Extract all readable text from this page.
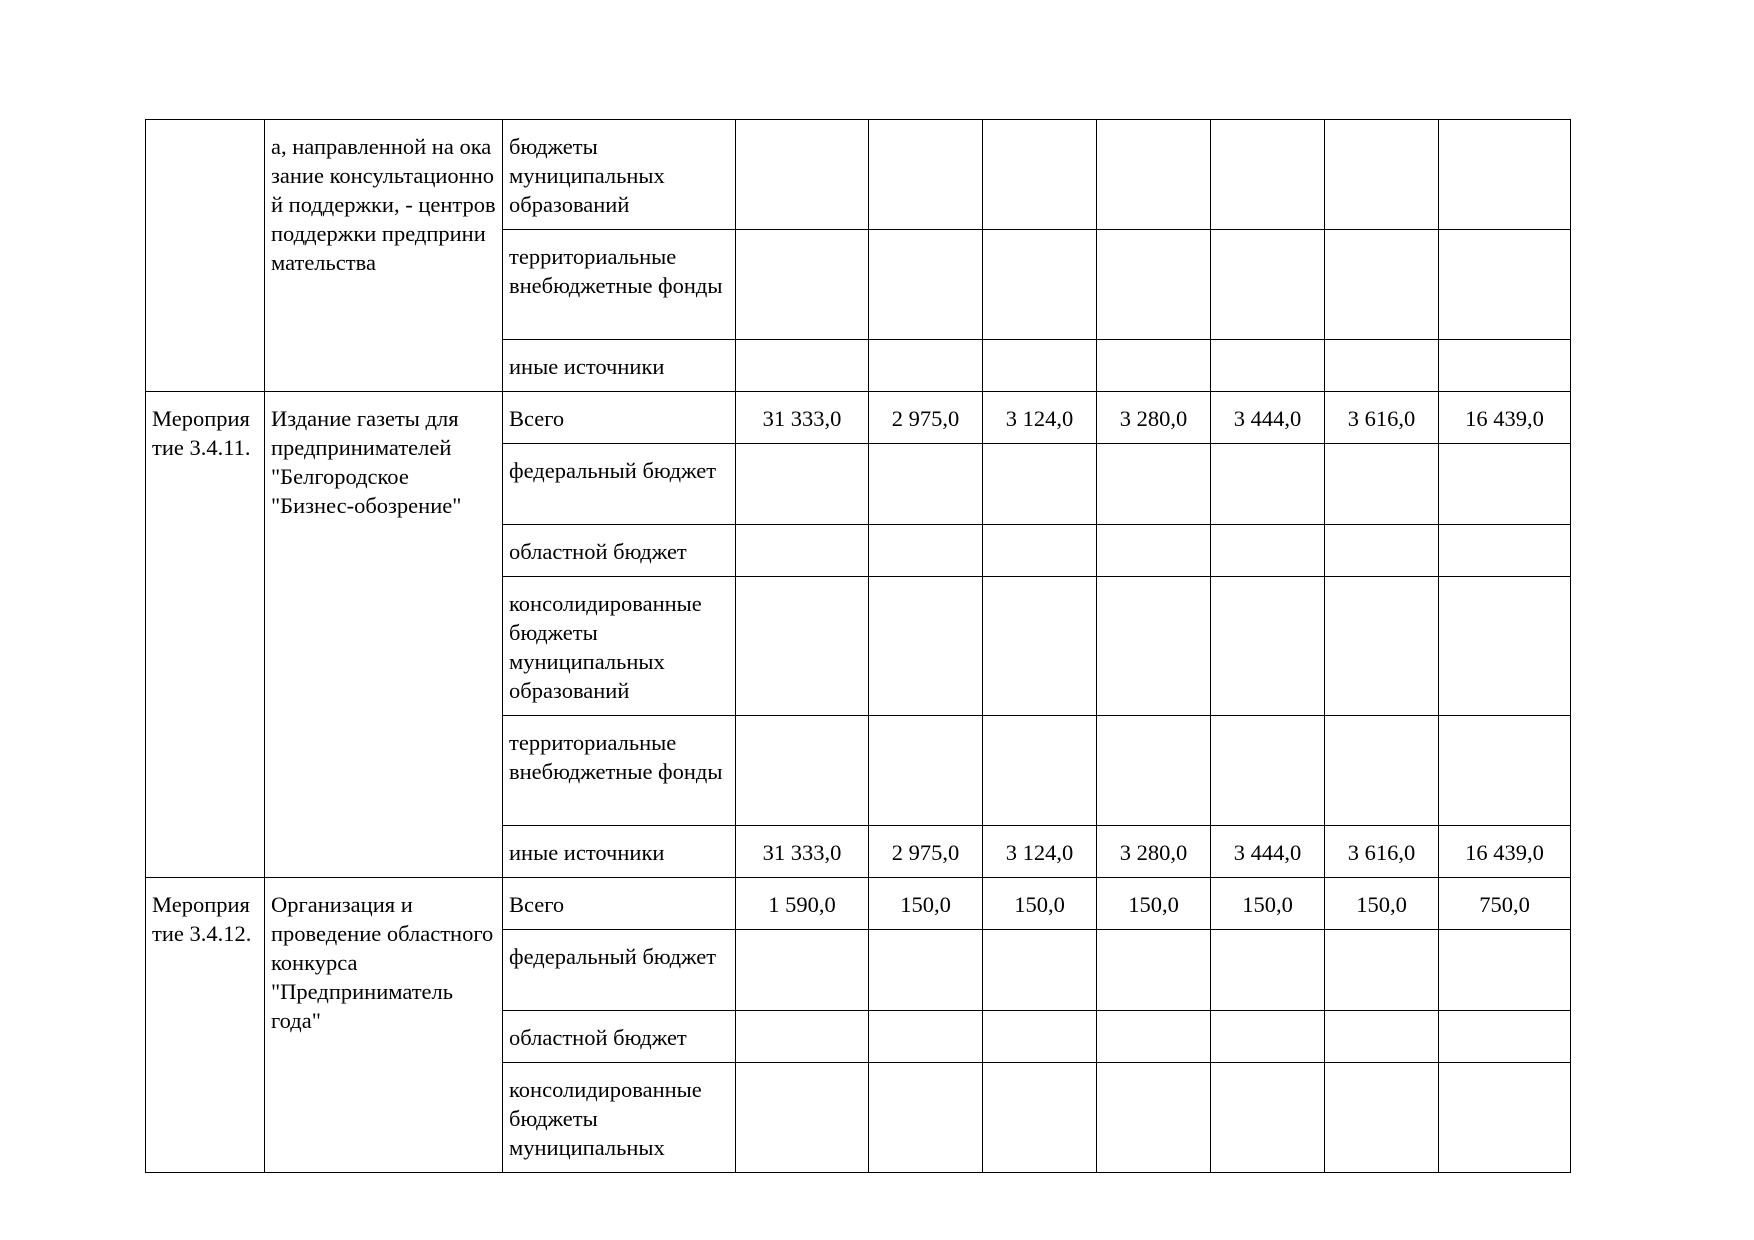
	а, направленной на оказание консультационной поддержки, - центров поддержки предпринимательства	бюджеты муниципальных образований							
		территориальные внебюджетные фонды							
		иные источники							
Мероприятие 3.4.11.	Издание газеты для предпринимателей "Белгородское "Бизнес-обозрение"	Всего	31 333,0	2 975,0	3 124,0	3 280,0	3 444,0	3 616,0	16 439,0
		федеральный бюджет							
		областной бюджет							
		консолидированные бюджеты муниципальных образований							
		территориальные внебюджетные фонды							
		иные источники	31 333,0	2 975,0	3 124,0	3 280,0	3 444,0	3 616,0	16 439,0
Мероприятие 3.4.12.	Организация и проведение областного конкурса "Предприниматель года"	Всего	1 590,0	150,0	150,0	150,0	150,0	150,0	750,0
		федеральный бюджет							
		областной бюджет							
		консолидированные бюджеты муниципальных							
